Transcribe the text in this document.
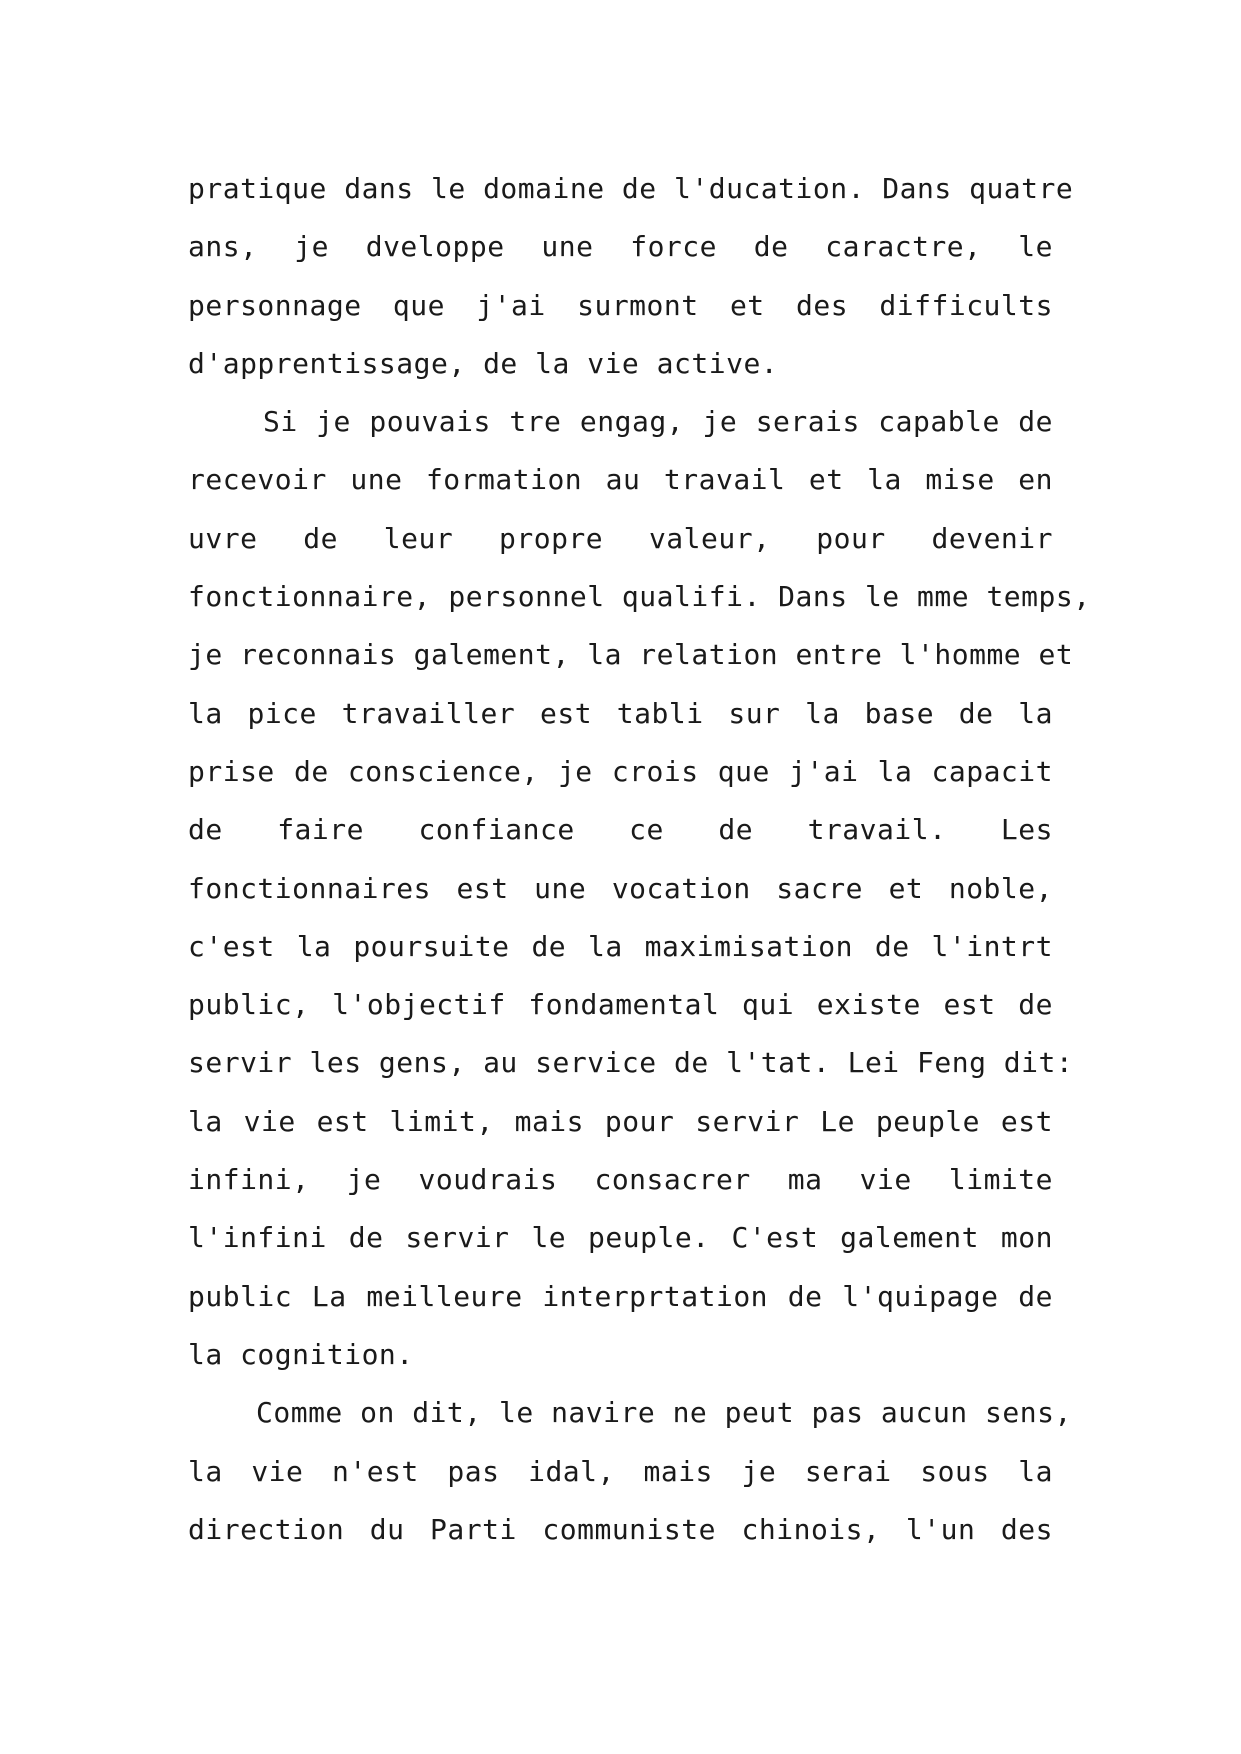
pratique dans le domaine de l'ducation. Dans quatre
ans, je dveloppe une force de caractre, le
personnage que j'ai surmont et des difficults
d'apprentissage, de la vie active.
Si je pouvais tre engag, je serais capable de
recevoir une formation au travail et la mise en
uvre de leur propre valeur, pour devenir
fonctionnaire, personnel qualifi. Dans le mme temps,
je reconnais galement, la relation entre l'homme et
la pice travailler est tabli sur la base de la
prise de conscience, je crois que j'ai la capacit
de faire confiance ce de travail. Les
fonctionnaires est une vocation sacre et noble,
c'est la poursuite de la maximisation de l'intrt
public, l'objectif fondamental qui existe est de
servir les gens, au service de l'tat. Lei Feng dit:
la vie est limit, mais pour servir Le peuple est
infini, je voudrais consacrer ma vie limite
l'infini de servir le peuple. C'est galement mon
public La meilleure interprtation de l'quipage de
la cognition.
Comme on dit, le navire ne peut pas aucun sens,
la vie n'est pas idal, mais je serai sous la
direction du Parti communiste chinois, l'un des
